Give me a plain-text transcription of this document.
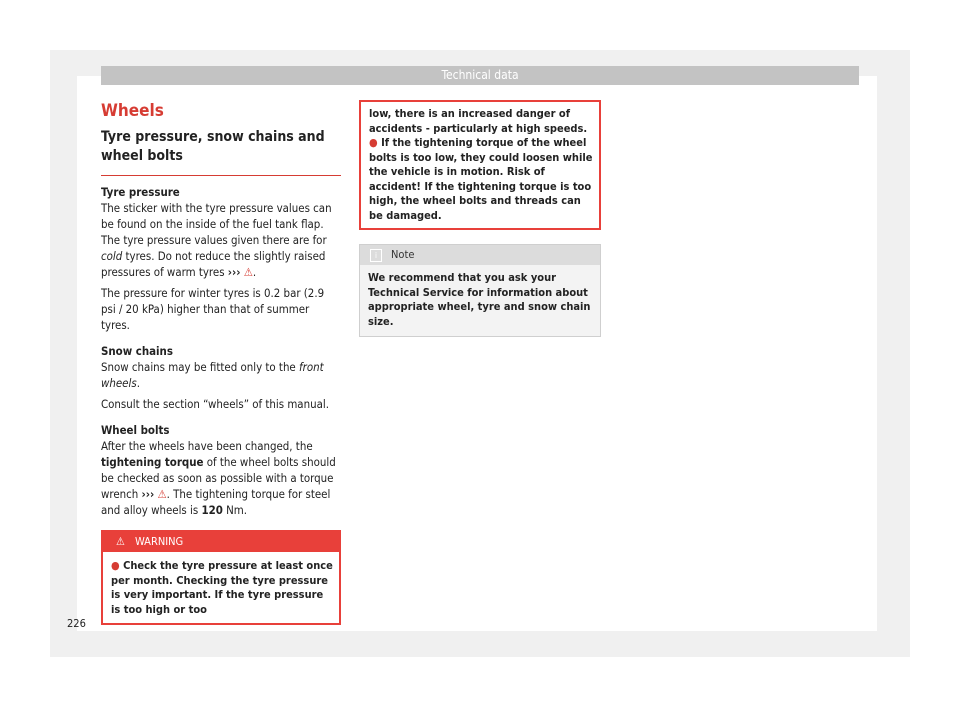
Technical data
Wheels
Tyre pressure, snow chains and wheel bolts
Tyre pressure

The sticker with the tyre pressure values can be found on the inside of the fuel tank flap. The tyre pressure values given there are for cold tyres. Do not reduce the slightly raised pressures of warm tyres ››› ⚠.

The pressure for winter tyres is 0.2 bar (2.9 psi / 20 kPa) higher than that of summer tyres.

Snow chains

Snow chains may be fitted only to the front wheels.

Consult the section “wheels” of this manual.

Wheel bolts

After the wheels have been changed, the tightening torque of the wheel bolts should be checked as soon as possible with a torque wrench ››› ⚠. The tightening torque for steel and alloy wheels is 120 Nm.

⚠ WARNING
● Check the tyre pressure at least once per month. Checking the tyre pressure is very important. If the tyre pressure is too high or too
low, there is an increased danger of accidents - particularly at high speeds.
● If the tightening torque of the wheel bolts is too low, they could loosen while the vehicle is in motion. Risk of accident! If the tightening torque is too high, the wheel bolts and threads can be damaged.
i	Note
We recommend that you ask your Technical Service for information about appropriate wheel, tyre and snow chain size.
226
